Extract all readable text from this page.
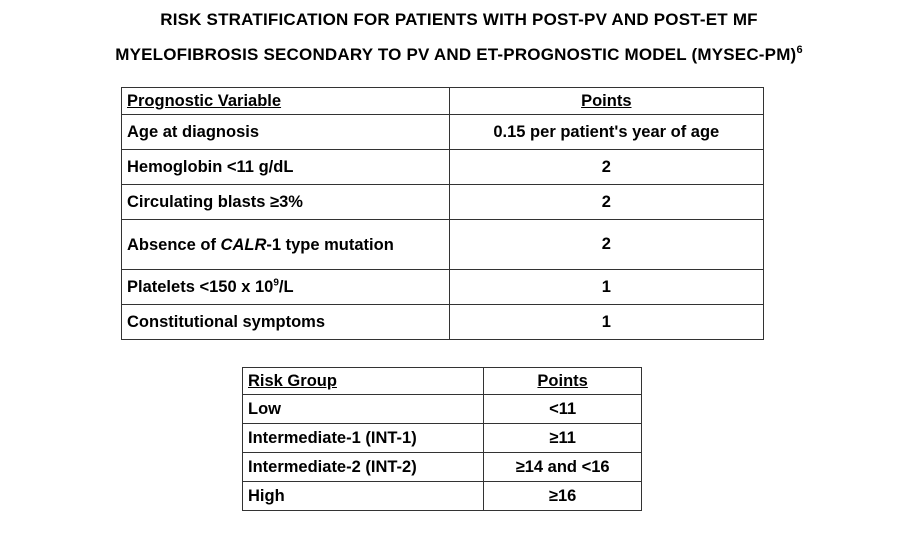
RISK STRATIFICATION FOR PATIENTS WITH POST-PV AND POST-ET MF
MYELOFIBROSIS SECONDARY TO PV AND ET-PROGNOSTIC MODEL (MYSEC-PM)$^6$
Prognostic Variable	Points
Age at diagnosis	0.15 per patient's year of age
Hemoglobin <11 g/dL	2
Circulating blasts ≥3%	2
Absence of CALR-1 type mutation	2
Platelets <150 x $10^9/L$	1
Constitutional symptoms	1
Risk Group	Points
Low	<11
Intermediate-1 (INT-1)	≥11
Intermediate-2 (INT-2)	≥14 and <16
High	≥16
